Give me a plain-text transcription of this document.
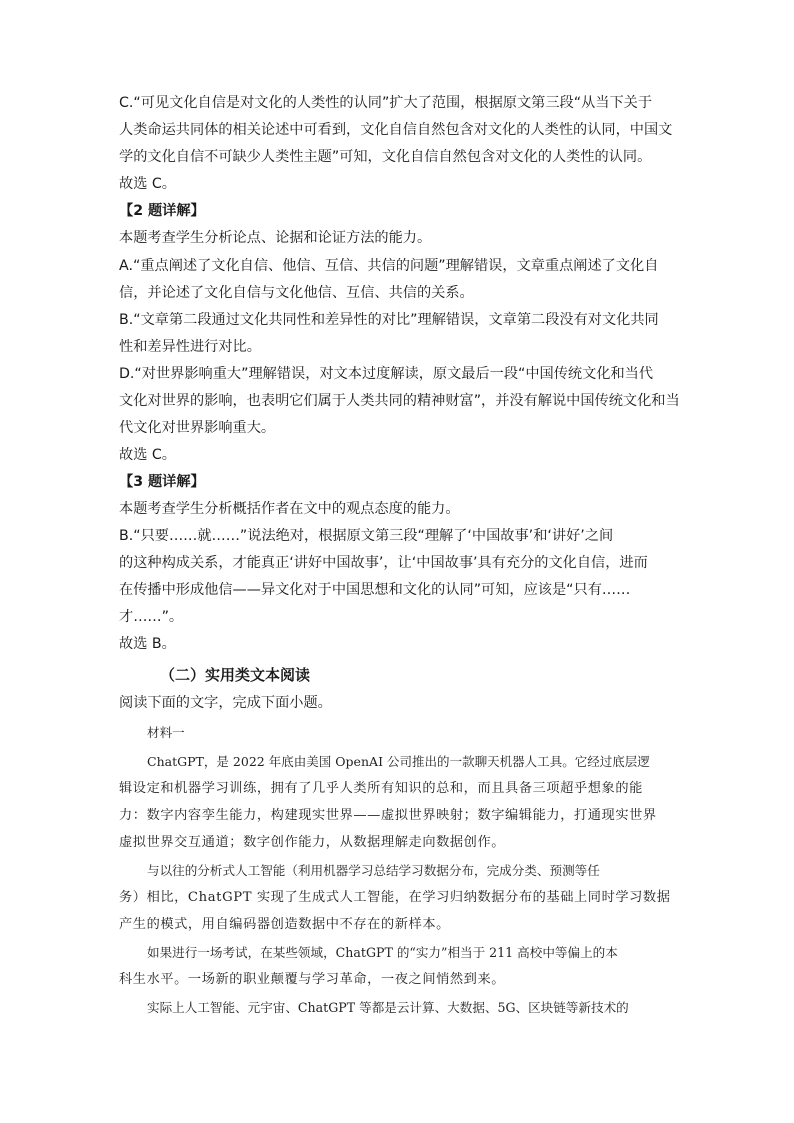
C.“可见文化自信是对文化的人类性的认同”扩大了范围，根据原文第三段“从当下关于
人类命运共同体的相关论述中可看到，文化自信自然包含对文化的人类性的认同，中国文
学的文化自信不可缺少人类性主题”可知，文化自信自然包含对文化的人类性的认同。
故选 C。
【2 题详解】
本题考查学生分析论点、论据和论证方法的能力。
A.“重点阐述了文化自信、他信、互信、共信的问题”理解错误，文章重点阐述了文化自
信，并论述了文化自信与文化他信、互信、共信的关系。
B.“文章第二段通过文化共同性和差异性的对比”理解错误，文章第二段没有对文化共同
性和差异性进行对比。
D.“对世界影响重大”理解错误，对文本过度解读，原文最后一段“中国传统文化和当代
文化对世界的影响，也表明它们属于人类共同的精神财富”，并没有解说中国传统文化和当
代文化对世界影响重大。
故选 C。
【3 题详解】
本题考查学生分析概括作者在文中的观点态度的能力。
B.“只要……就……”说法绝对，根据原文第三段“理解了‘中国故事’和‘讲好’之间
的这种构成关系，才能真正‘讲好中国故事’，让‘中国故事’具有充分的文化自信，进而
在传播中形成他信——异文化对于中国思想和文化的认同”可知，应该是“只有……
才……”。
故选 B。
（二）实用类文本阅读
阅读下面的文字，完成下面小题。
材料一
ChatGPT，是 2022 年底由美国 OpenAI 公司推出的一款聊天机器人工具。它经过底层逻
辑设定和机器学习训练，拥有了几乎人类所有知识的总和，而且具备三项超乎想象的能
力：数字内容孪生能力，构建现实世界——虚拟世界映射；数字编辑能力，打通现实世界
虚拟世界交互通道；数字创作能力，从数据理解走向数据创作。
与以往的分析式人工智能（利用机器学习总结学习数据分布，完成分类、预测等任
务）相比，ChatGPT 实现了生成式人工智能，在学习归纳数据分布的基础上同时学习数据
产生的模式，用自编码器创造数据中不存在的新样本。
如果进行一场考试，在某些领域，ChatGPT 的“实力”相当于 211 高校中等偏上的本
科生水平。一场新的职业颠覆与学习革命，一夜之间悄然到来。
实际上人工智能、元宇宙、ChatGPT 等都是云计算、大数据、5G、区块链等新技术的
